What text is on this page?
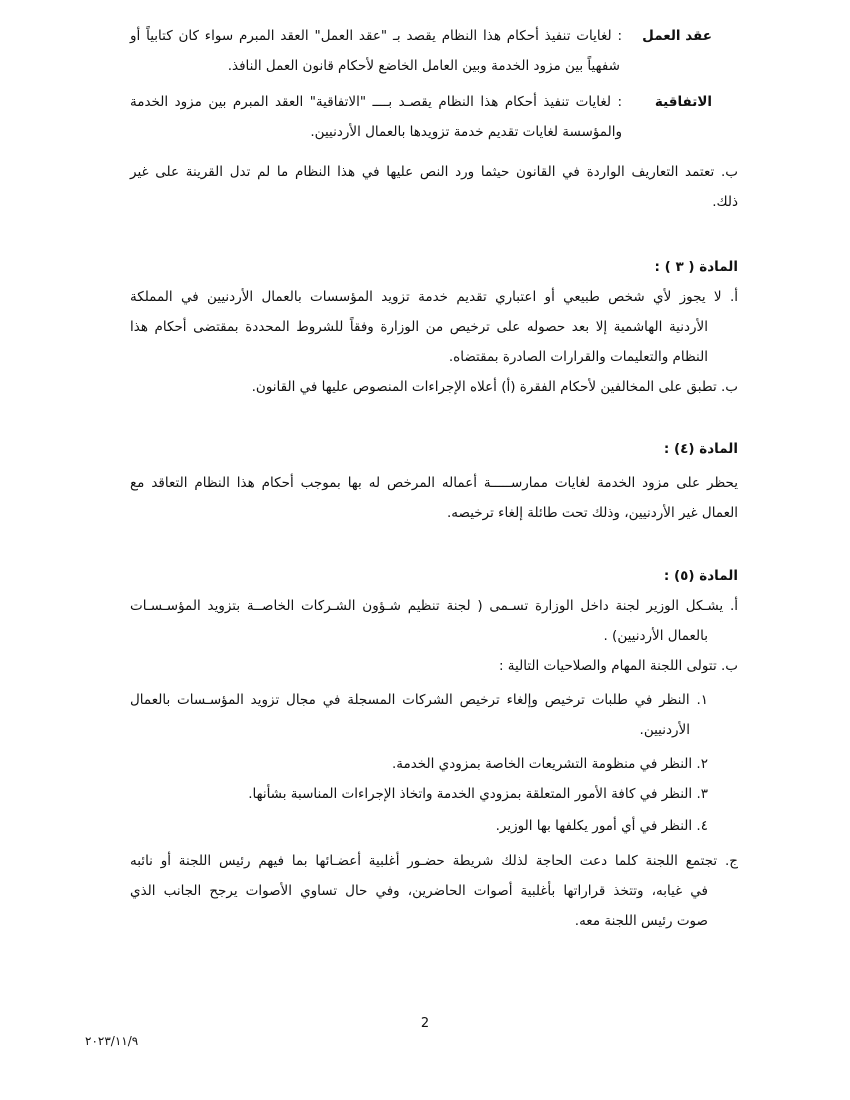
عقد العمل
: لغايات تنفيذ أحكام هذا النظام يقصد بـ "عقد العمل" العقد المبرم سواء كان كتابياً أو
شفهياً بين مزود الخدمة وبين العامل الخاضع لأحكام قانون العمل النافذ.
الاتفاقية
: لغايات تنفيذ أحكام هذا النظام يقصـد بــــ "الاتفاقية" العقد المبرم بين مزود الخدمة
والمؤسسة لغايات تقديم خدمة تزويدها بالعمال الأردنيين.
ب. تعتمد التعاريف الواردة في القانون حيثما ورد النص عليها في هذا النظام ما لم تدل القرينة على غير
ذلك.
المادة ( ٣ ) :
أ. لا يجوز لأي شخص طبيعي أو اعتباري تقديم خدمة تزويد المؤسسات بالعمال الأردنيين في المملكة
الأردنية الهاشمية إلا بعد حصوله على ترخيص من الوزارة وفقاً للشروط المحددة بمقتضى أحكام هذا
النظام والتعليمات والقرارات الصادرة بمقتضاه.
ب. تطبق على المخالفين لأحكام الفقرة (أ) أعلاه الإجراءات المنصوص عليها في القانون.
المادة (٤) :
يحظر على مزود الخدمة لغايات ممارســـــة أعماله المرخص له بها بموجب أحكام هذا النظام التعاقد مع
العمال غير الأردنيين، وذلك تحت طائلة إلغاء ترخيصه.
المادة (٥) :
أ. يشـكل الوزير لجنة داخل الوزارة تسـمى ( لجنة تنظيم شـؤون الشـركات الخاصــة بتزويد المؤسـسـات
بالعمال الأردنيين) .
ب. تتولى اللجنة المهام والصلاحيات التالية :
١. النظر في طلبات ترخيص وإلغاء ترخيص الشركات المسجلة في مجال تزويد المؤسـسات بالعمال
الأردنيين.
٢. النظر في منظومة التشريعات الخاصة بمزودي الخدمة.
٣. النظر في كافة الأمور المتعلقة بمزودي الخدمة واتخاذ الإجراءات المناسبة بشأنها.
٤. النظر في أي أمور يكلفها بها الوزير.
ج. تجتمع اللجنة كلما دعت الحاجة لذلك شريطة حضـور أغلبية أعضـائها بما فيهم رئيس اللجنة أو نائبه
في غيابه، وتتخذ قراراتها بأغلبية أصوات الحاضرين، وفي حال تساوي الأصوات يرجح الجانب الذي
صوت رئيس اللجنة معه.
2
٢٠٢٣/١١/٩
